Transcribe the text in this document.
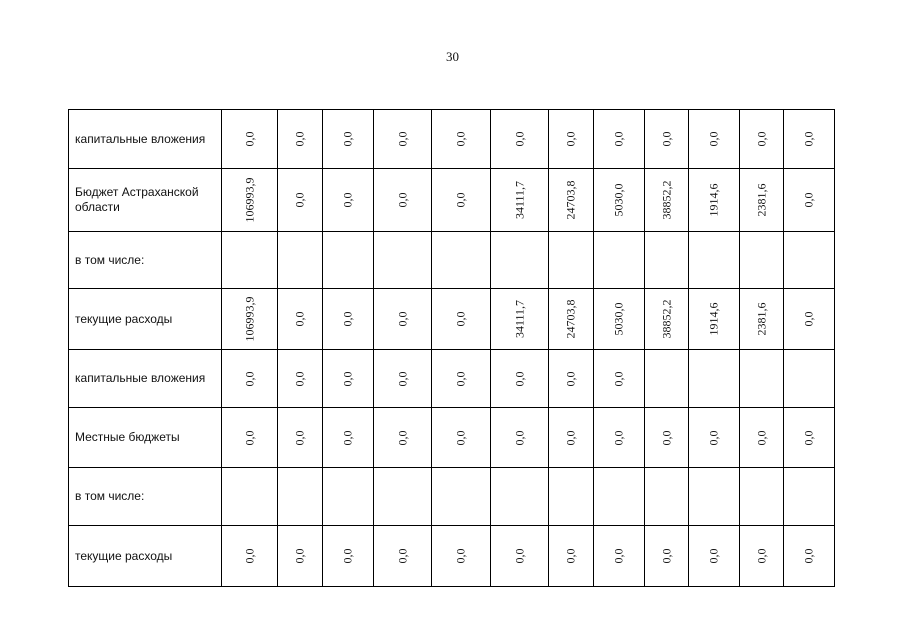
30
капитальные вложения	0,0	0,0	0,0	0,0	0,0	0,0	0,0	0,0	0,0	0,0	0,0	0,0

Бюджет Астраханской области	106993,9	0,0	0,0	0,0	0,0	34111,7	24703,8	5030,0	38852,2	1914,6	2381,6	0,0

в том числе:	

текущие расходы	106993,9	0,0	0,0	0,0	0,0	34111,7	24703,8	5030,0	38852,2	1914,6	2381,6	0,0

капитальные вложения	0,0	0,0	0,0	0,0	0,0	0,0	0,0	0,0				

Местные бюджеты	0,0	0,0	0,0	0,0	0,0	0,0	0,0	0,0	0,0	0,0	0,0	0,0

в том числе:	

текущие расходы	0,0	0,0	0,0	0,0	0,0	0,0	0,0	0,0	0,0	0,0	0,0	0,0
